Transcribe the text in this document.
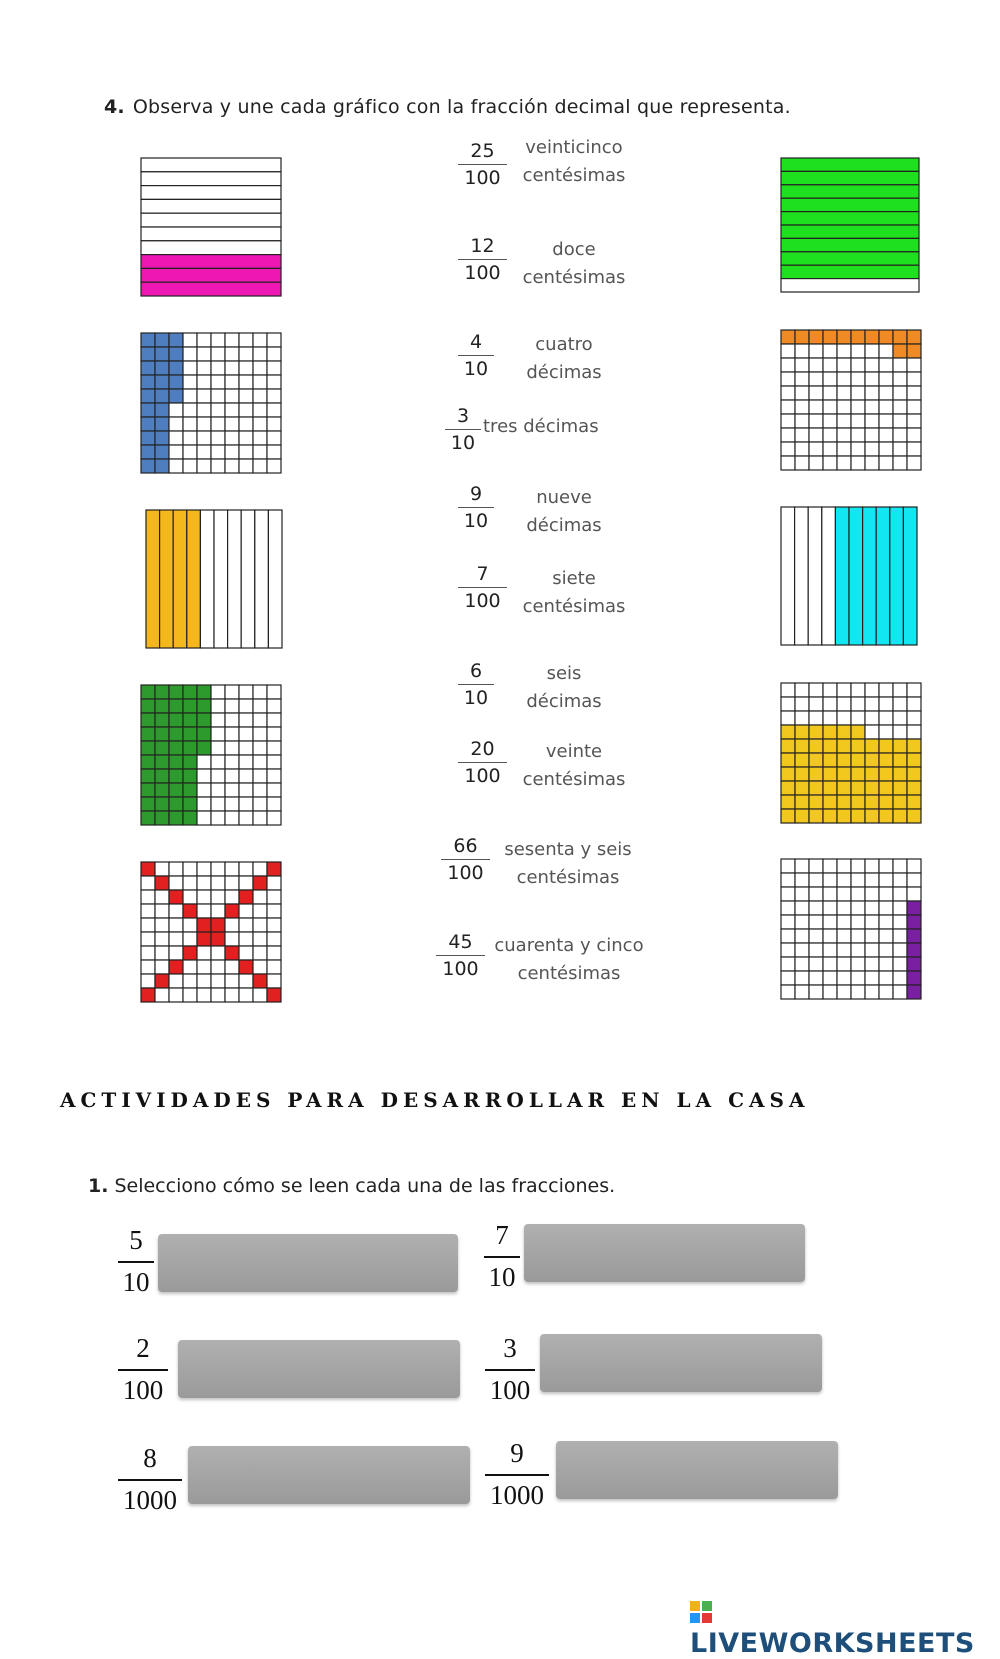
4. Observa y une cada gráfico con la fracción decimal que representa.
25
100
veinticinco
centésimas
12
100
doce
centésimas
4
10
cuatro
décimas
3
10
tres décimas
9
10
nueve
décimas
7
100
siete
centésimas
6
10
seis
décimas
20
100
veinte
centésimas
66
100
sesenta y seis
centésimas
45
100
cuarenta y cinco
centésimas
ACTIVIDADES PARA DESARROLLAR EN LA CASA
1. Selecciono cómo se leen cada una de las fracciones.
5
10
7
10
2
100
3
100
8
1000
9
1000
LIVEWORKSHEETS
